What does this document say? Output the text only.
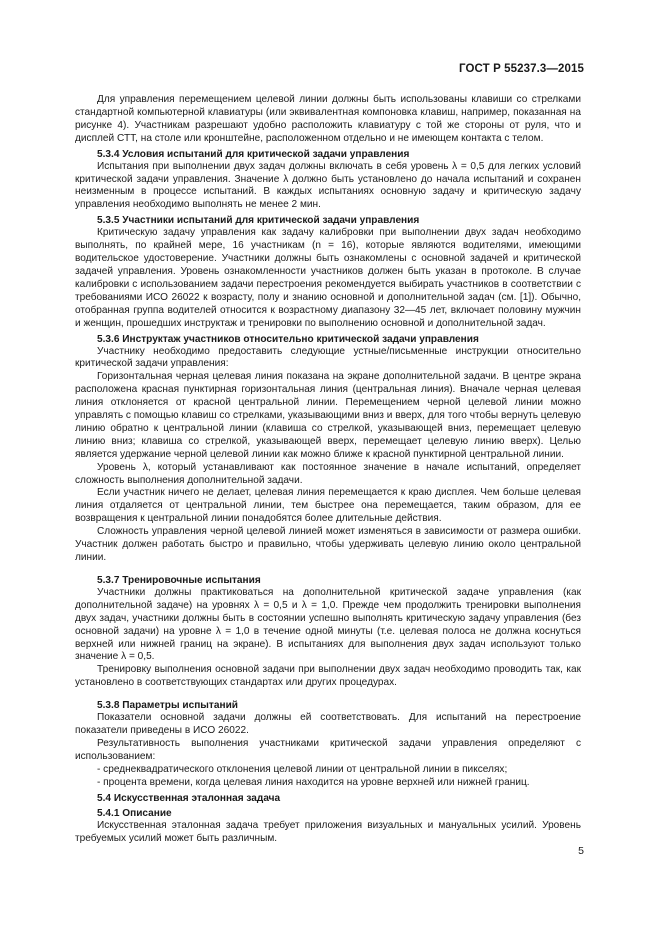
ГОСТ Р 55237.3—2015

Для управления перемещением целевой линии должны быть использованы клавиши со стрелками стандартной компьютерной клавиатуры (или эквивалентная компоновка клавиш, например, показанная на рисунке 4). Участникам разрешают удобно расположить клавиатуру с той же стороны от руля, что и дисплей СТТ, на столе или кронштейне, расположенном отдельно и не имеющем контакта с телом.

5.3.4 Условия испытаний для критической задачи управления

Испытания при выполнении двух задач должны включать в себя уровень λ = 0,5 для легких условий критической задачи управления. Значение λ должно быть установлено до начала испытаний и сохранен неизменным в процессе испытаний. В каждых испытаниях основную задачу и критическую задачу управления необходимо выполнять не менее 2 мин.

5.3.5 Участники испытаний для критической задачи управления

Критическую задачу управления как задачу калибровки при выполнении двух задач необходимо выполнять, по крайней мере, 16 участникам (n = 16), которые являются водителями, имеющими водительское удостоверение. Участники должны быть ознакомлены с основной задачей и критической задачей управления. Уровень ознакомленности участников должен быть указан в протоколе. В случае калибровки с использованием задачи перестроения рекомендуется выбирать участников в соответствии с требованиями ИСО 26022 к возрасту, полу и знанию основной и дополнительной задач (см. [1]). Обычно, отобранная группа водителей относится к возрастному диапазону 32—45 лет, включает половину мужчин и женщин, прошедших инструктаж и тренировки по выполнению основной и дополнительной задач.

5.3.6 Инструктаж участников относительно критической задачи управления

Участнику необходимо предоставить следующие устные/письменные инструкции относительно критической задачи управления:

Горизонтальная черная целевая линия показана на экране дополнительной задачи. В центре экрана расположена красная пунктирная горизонтальная линия (центральная линия). Вначале черная целевая линия отклоняется от красной центральной линии. Перемещением черной целевой линии можно управлять с помощью клавиш со стрелками, указывающими вниз и вверх, для того чтобы вернуть целевую линию обратно к центральной линии (клавиша со стрелкой, указывающей вниз, перемещает целевую линию вниз; клавиша со стрелкой, указывающей вверх, перемещает целевую линию вверх). Целью является удержание черной целевой линии как можно ближе к красной пунктирной центральной линии.

Уровень λ, который устанавливают как постоянное значение в начале испытаний, определяет сложность выполнения дополнительной задачи.

Если участник ничего не делает, целевая линия перемещается к краю дисплея. Чем больше целевая линия отдаляется от центральной линии, тем быстрее она перемещается, таким образом, для ее возвращения к центральной линии понадобятся более длительные действия.

Сложность управления черной целевой линией может изменяться в зависимости от размера ошибки. Участник должен работать быстро и правильно, чтобы удерживать целевую линию около центральной линии.

5.3.7 Тренировочные испытания

Участники должны практиковаться на дополнительной критической задаче управления (как дополнительной задаче) на уровнях λ = 0,5 и λ = 1,0. Прежде чем продолжить тренировки выполнения двух задач, участники должны быть в состоянии успешно выполнять критическую задачу управления (без основной задачи) на уровне λ = 1,0 в течение одной минуты (т.е. целевая полоса не должна коснуться верхней или нижней границ на экране). В испытаниях для выполнения двух задач используют только значение λ = 0,5.

Тренировку выполнения основной задачи при выполнении двух задач необходимо проводить так, как установлено в соответствующих стандартах или других процедурах.

5.3.8 Параметры испытаний

Показатели основной задачи должны ей соответствовать. Для испытаний на перестроение показатели приведены в ИСО 26022.

Результативность выполнения участниками критической задачи управления определяют с использованием:

- среднеквадратического отклонения целевой линии от центральной линии в пикселях;

- процента времени, когда целевая линия находится на уровне верхней или нижней границ.

5.4 Искусственная эталонная задача
5.4.1 Описание

Искусственная эталонная задача требует приложения визуальных и мануальных усилий. Уровень требуемых усилий может быть различным.

5
